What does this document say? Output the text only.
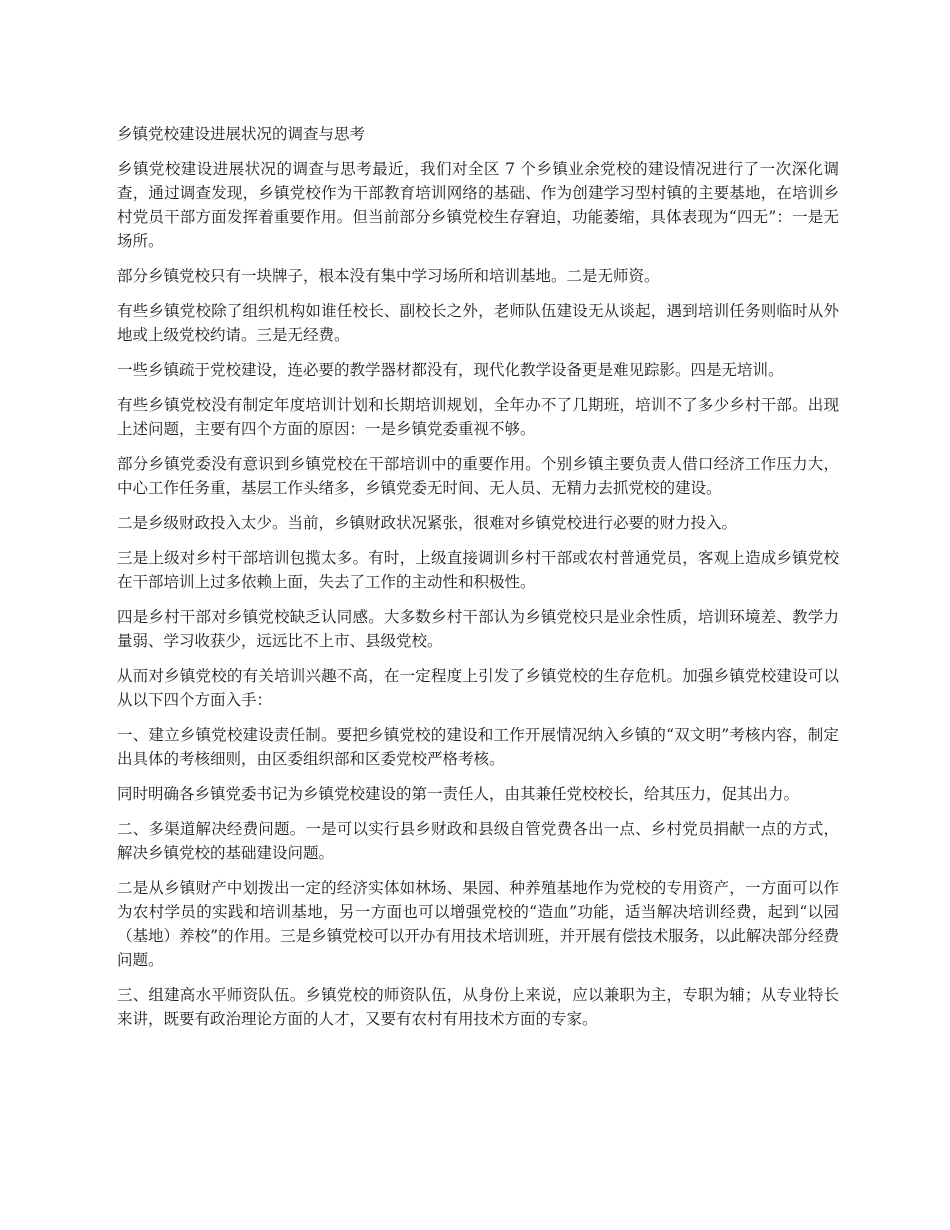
乡镇党校建设进展状况的调查与思考

乡镇党校建设进展状况的调查与思考最近，我们对全区 7 个乡镇业余党校的建设情况进行了一次深化调查，通过调查发现，乡镇党校作为干部教育培训网络的基础、作为创建学习型村镇的主要基地，在培训乡村党员干部方面发挥着重要作用。但当前部分乡镇党校生存窘迫，功能萎缩，具体表现为“四无”：一是无场所。

部分乡镇党校只有一块牌子，根本没有集中学习场所和培训基地。二是无师资。

有些乡镇党校除了组织机构如谁任校长、副校长之外，老师队伍建设无从谈起，遇到培训任务则临时从外地或上级党校约请。三是无经费。

一些乡镇疏于党校建设，连必要的教学器材都没有，现代化教学设备更是难见踪影。四是无培训。

有些乡镇党校没有制定年度培训计划和长期培训规划，全年办不了几期班，培训不了多少乡村干部。出现上述问题，主要有四个方面的原因：一是乡镇党委重视不够。

部分乡镇党委没有意识到乡镇党校在干部培训中的重要作用。个别乡镇主要负责人借口经济工作压力大，中心工作任务重，基层工作头绪多，乡镇党委无时间、无人员、无精力去抓党校的建设。

二是乡级财政投入太少。当前，乡镇财政状况紧张，很难对乡镇党校进行必要的财力投入。

三是上级对乡村干部培训包揽太多。有时，上级直接调训乡村干部或农村普通党员，客观上造成乡镇党校在干部培训上过多依赖上面，失去了工作的主动性和积极性。

四是乡村干部对乡镇党校缺乏认同感。大多数乡村干部认为乡镇党校只是业余性质，培训环境差、教学力量弱、学习收获少，远远比不上市、县级党校。

从而对乡镇党校的有关培训兴趣不高，在一定程度上引发了乡镇党校的生存危机。加强乡镇党校建设可以从以下四个方面入手：

一、建立乡镇党校建设责任制。要把乡镇党校的建设和工作开展情况纳入乡镇的“双文明”考核内容，制定出具体的考核细则，由区委组织部和区委党校严格考核。

同时明确各乡镇党委书记为乡镇党校建设的第一责任人，由其兼任党校校长，给其压力，促其出力。

二、多渠道解决经费问题。一是可以实行县乡财政和县级自管党费各出一点、乡村党员捐献一点的方式，解决乡镇党校的基础建设问题。

二是从乡镇财产中划拨出一定的经济实体如林场、果园、种养殖基地作为党校的专用资产，一方面可以作为农村学员的实践和培训基地，另一方面也可以增强党校的“造血”功能，适当解决培训经费，起到“以园（基地）养校”的作用。三是乡镇党校可以开办有用技术培训班，并开展有偿技术服务，以此解决部分经费问题。

三、组建高水平师资队伍。乡镇党校的师资队伍，从身份上来说，应以兼职为主，专职为辅；从专业特长来讲，既要有政治理论方面的人才，又要有农村有用技术方面的专家。
